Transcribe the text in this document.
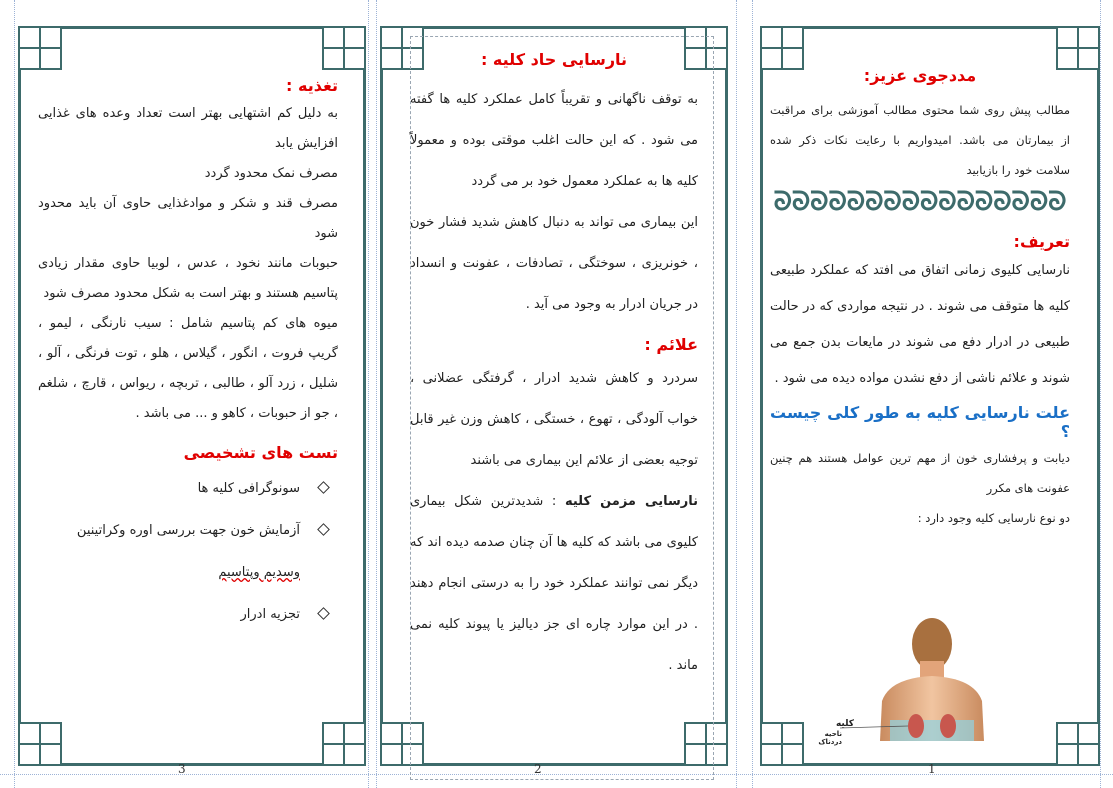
تغذیه :

به دلیل کم اشتهایی بهتر است تعداد وعده های غذایی افزایش یابد

مصرف نمک محدود گردد

مصرف قند و شکر و موادغذایی حاوی آن باید محدود شود

حبوبات مانند نخود ، عدس ، لوبیا حاوی مقدار زیادی پتاسیم هستند و بهتر است به شکل محدود مصرف شود

میوه های کم پتاسیم شامل : سیب نارنگی ، لیمو ، گریپ فروت ، انگور ، گیلاس ، هلو ، توت فرنگی ، آلو ، شلیل ، زرد آلو ، طالبی ، تربچه ، ریواس ، قارچ ، شلغم ، جو از حبوبات ، کاهو و ... می باشد .

تست های تشخیصی
سونوگرافی کلیه ها
آزمایش خون جهت بررسی اوره وکراتینین
وسدیم وپتاسیم
تجزیه ادرار
3
نارسایی حاد کلیه :

به توقف ناگهانی و تقریباً کامل عملکرد کلیه ها گفته می شود . که این حالت اغلب موقتی بوده و معمولاً کلیه ها به عملکرد معمول خود بر می گردد

این بیماری می تواند به دنبال کاهش شدید فشار خون ، خونریزی ، سوختگی ، تصادفات ، عفونت و انسداد در جریان ادرار به وجود می آید .

علائم :

سردرد و کاهش شدید ادرار ، گرفتگی عضلانی ، خواب آلودگی ، تهوع ، خستگی ، کاهش وزن غیر قابل توجیه بعضی از علائم این بیماری می باشند

نارسایی مزمن کلیه : شدیدترین شکل بیماری کلیوی می باشد که کلیه ها آن چنان صدمه دیده اند که دیگر نمی توانند عملکرد خود را به درستی انجام دهند . در این موارد چاره ای جز دیالیز یا پیوند کلیه نمی ماند .

2
مددجوی عزیز:

مطالب پیش روی شما محتوی مطالب آموزشی برای مراقبت از بیمارتان می باشد. امیدواریم با رعایت نکات ذکر شده سلامت خود را بازیابید

ᘐᘐᘐᘐᘐᘐᘐᘐᘐᘐᘐᘐᘐᘐᘐᘐ
تعریف:

نارسایی کلیوی زمانی اتفاق می افتد که عملکرد طبیعی کلیه ها متوقف می شوند . در نتیجه مواردی که در حالت طبیعی در ادرار دفع می شوند در مایعات بدن جمع می شوند و علائم ناشی از دفع نشدن مواده دیده می شود .

علت نارسایی کلیه به طور کلی چیست ؟

دیابت و پرفشاری خون از مهم ترین عوامل هستند هم چنین عفونت های مکرر

دو نوع نارسایی کلیه وجود دارد :

کلیه
ناحیه
دردناک
1
